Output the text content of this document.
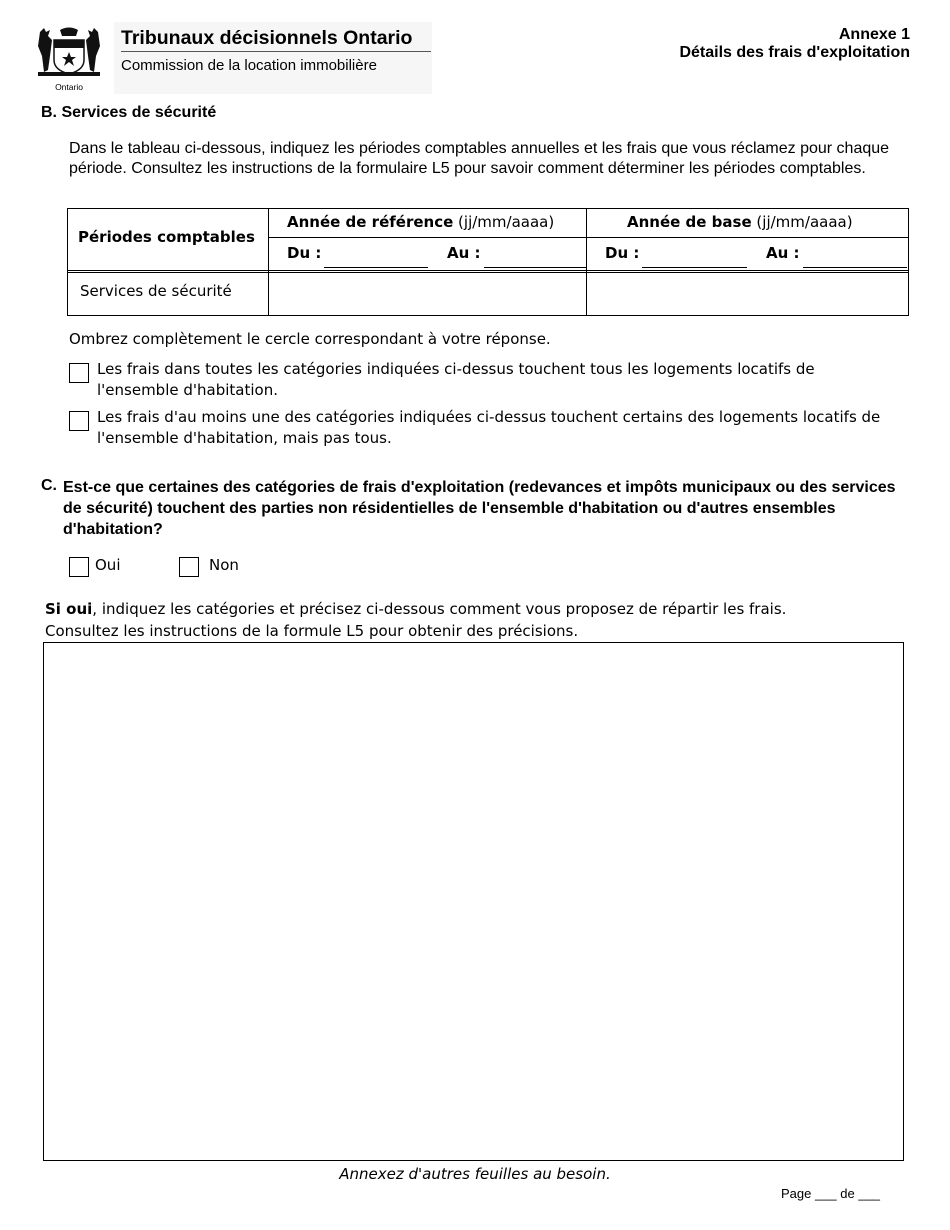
Ontario
Tribunaux décisionnels Ontario
Commission de la location immobilière
Annexe 1
Détails des frais d'exploitation
B. Services de sécurité
Dans le tableau ci-dessous, indiquez les périodes comptables annuelles et les frais que vous réclamez pour chaque période. Consultez les instructions de la formulaire L5 pour savoir comment déterminer les périodes comptables.
Périodes comptables
Année de référence (jj/mm/aaaa)	Année de base (jj/mm/aaaa)
Du :	Au :	Du :	Au :
Services de sécurité
Ombrez complètement le cercle correspondant à votre réponse.
Les frais dans toutes les catégories indiquées ci-dessus touchent tous les logements locatifs de l'ensemble d'habitation.
Les frais d'au moins une des catégories indiquées ci-dessus touchent certains des logements locatifs de l'ensemble d'habitation, mais pas tous.
C. Est-ce que certaines des catégories de frais d'exploitation (redevances et impôts municipaux ou des services de sécurité) touchent des parties non résidentielles de l'ensemble d'habitation ou d'autres ensembles d'habitation?
Oui	Non
Si oui, indiquez les catégories et précisez ci-dessous comment vous proposez de répartir les frais.
Consultez les instructions de la formule L5 pour obtenir des précisions.
Annexez d'autres feuilles au besoin.
Page ___ de ___
